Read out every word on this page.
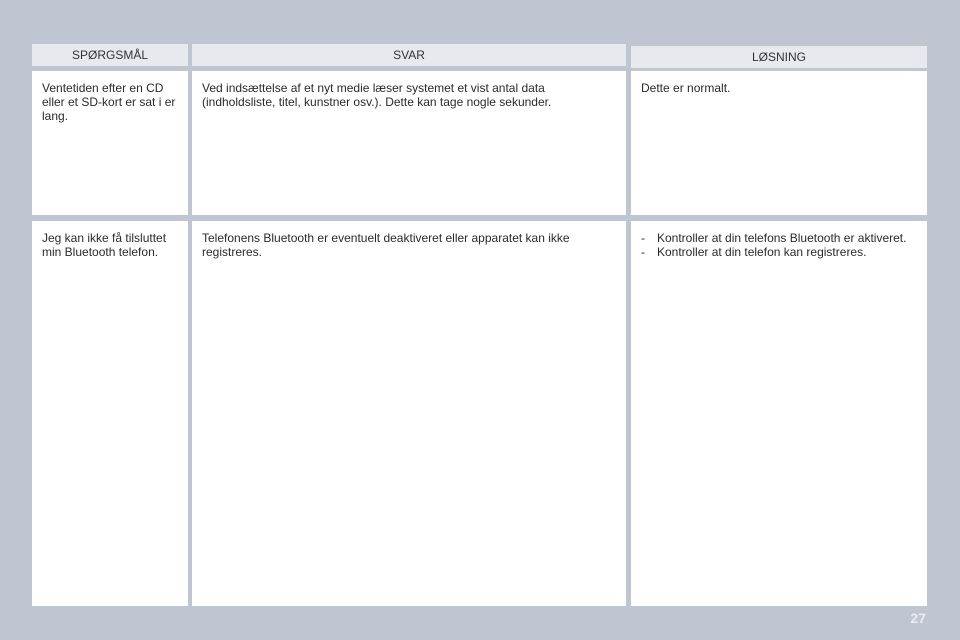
SPØRGSMÅL	SVAR	LØSNING

Ventetiden efter en CD eller et SD-kort er sat i er lang.

Ved indsættelse af et nyt medie læser systemet et vist antal data (indholdsliste, titel, kunstner osv.). Dette kan tage nogle sekunder.

Dette er normalt.

Jeg kan ikke få tilsluttet min Bluetooth telefon.

Telefonens Bluetooth er eventuelt deaktiveret eller apparatet kan ikke registreres.

- Kontroller at din telefons Bluetooth er aktiveret.
- Kontroller at din telefon kan registreres.
27
